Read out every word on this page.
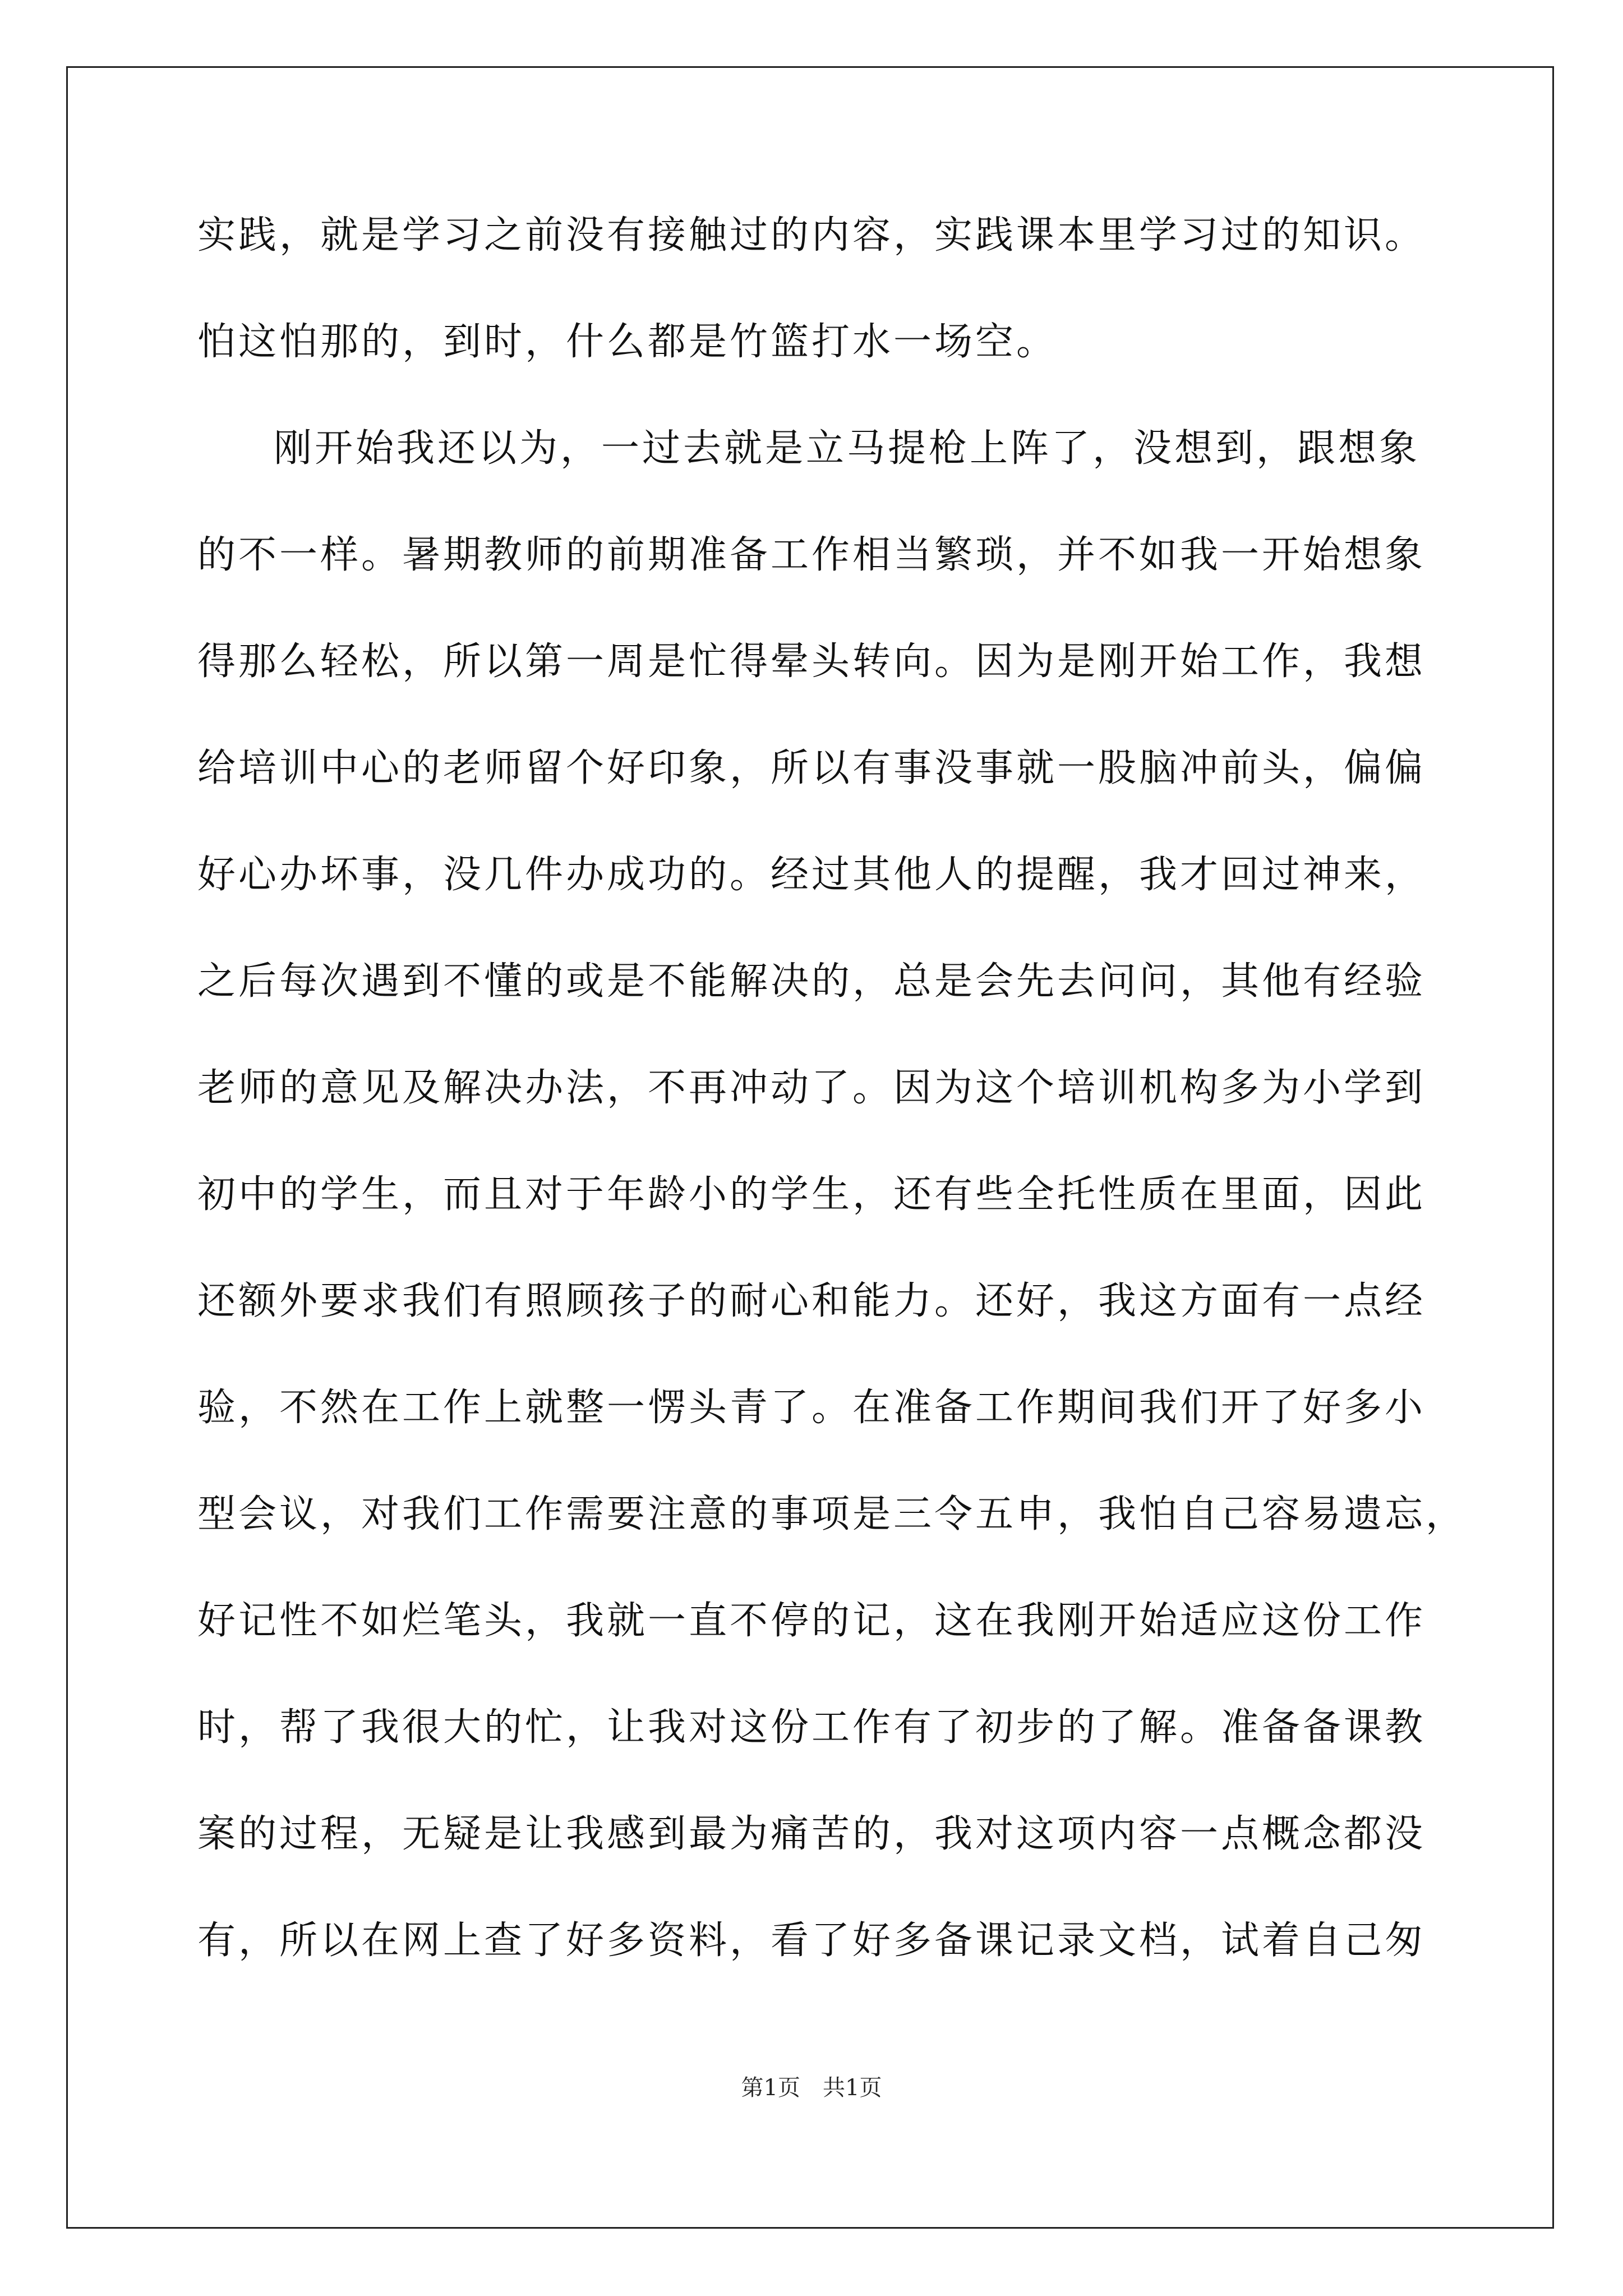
实践，就是学习之前没有接触过的内容，实践课本里学习过的知识。
怕这怕那的，到时，什么都是竹篮打水一场空。
刚开始我还以为，一过去就是立马提枪上阵了，没想到，跟想象
的不一样。暑期教师的前期准备工作相当繁琐，并不如我一开始想象
得那么轻松，所以第一周是忙得晕头转向。因为是刚开始工作，我想
给培训中心的老师留个好印象，所以有事没事就一股脑冲前头，偏偏
好心办坏事，没几件办成功的。经过其他人的提醒，我才回过神来，
之后每次遇到不懂的或是不能解决的，总是会先去问问，其他有经验
老师的意见及解决办法，不再冲动了。因为这个培训机构多为小学到
初中的学生，而且对于年龄小的学生，还有些全托性质在里面，因此
还额外要求我们有照顾孩子的耐心和能力。还好，我这方面有一点经
验，不然在工作上就整一愣头青了。在准备工作期间我们开了好多小
型会议，对我们工作需要注意的事项是三令五申，我怕自己容易遗忘，
好记性不如烂笔头，我就一直不停的记，这在我刚开始适应这份工作
时，帮了我很大的忙，让我对这份工作有了初步的了解。准备备课教
案的过程，无疑是让我感到最为痛苦的，我对这项内容一点概念都没
有，所以在网上查了好多资料，看了好多备课记录文档，试着自己匆
第1页　共1页
